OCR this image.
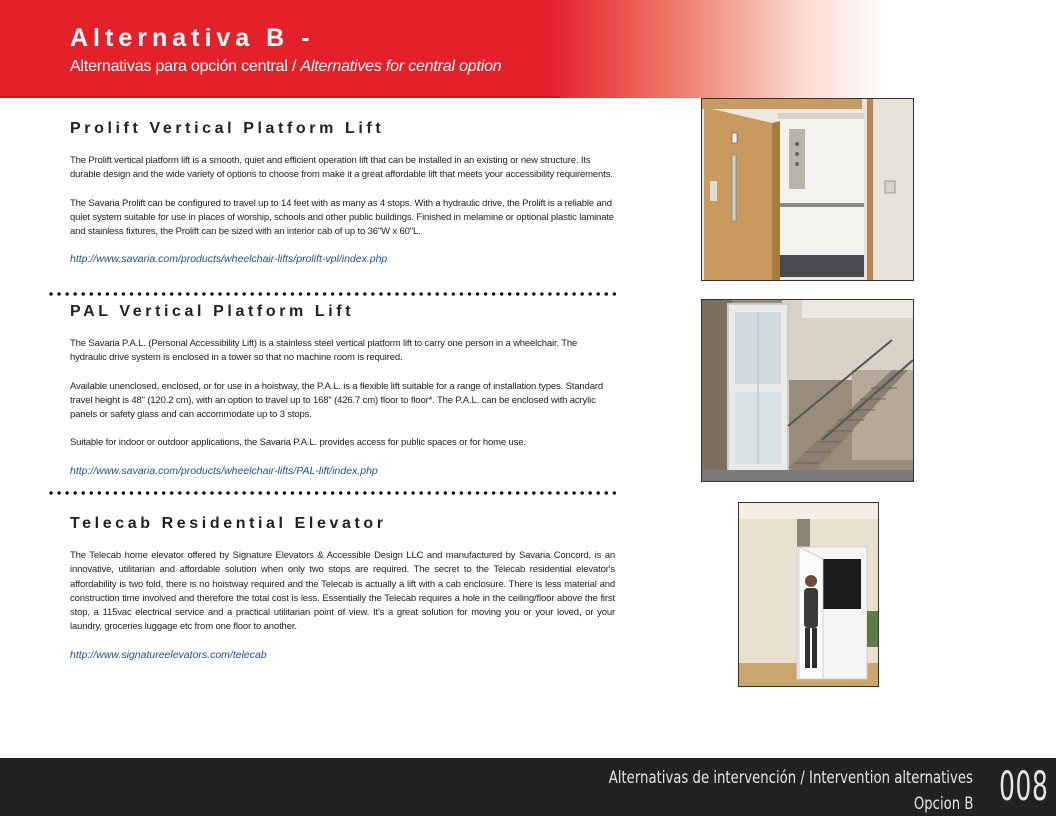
Alternativa B -
Alternativas para opción central / Alternatives for central option
Prolift Vertical Platform Lift

The Prolift vertical platform lift is a smooth, quiet and efficient operation lift that can be installed in an existing or new structure. Its durable design and the wide variety of options to choose from make it a great affordable lift that meets your accessibility requirements.

The Savaria Prolift can be configured to travel up to 14 feet with as many as 4 stops. With a hydraulic drive, the Prolift is a reliable and quiet system suitable for use in places of worship, schools and other public buildings. Finished in melamine or optional plastic laminate and stainless fixtures, the Prolift can be sized with an interior cab of up to 36"W x 60"L.

http://www.savaria.com/products/wheelchair-lifts/prolift-vpl/index.php
PAL Vertical Platform Lift

The Savaria P.A.L. (Personal Accessibility Lift) is a stainless steel vertical platform lift to carry one person in a wheelchair. The hydraulic drive system is enclosed in a tower so that no machine room is required.

Available unenclosed, enclosed, or for use in a hoistway, the P.A.L. is a flexible lift suitable for a range of installation types. Standard travel height is 48" (120.2 cm), with an option to travel up to 168" (426.7 cm) floor to floor*. The P.A.L. can be enclosed with acrylic panels or safety glass and can accommodate up to 3 stops.

Suitable for indoor or outdoor applications, the Savaria P.A.L. provides access for public spaces or for home use.

http://www.savaria.com/products/wheelchair-lifts/PAL-lift/index.php
Telecab Residential Elevator

The Telecab home elevator offered by Signature Elevators & Accessible Design LLC and manufactured by Savaria Concord, is an innovative, utilitarian and affordable solution when only two stops are required. The secret to the Telecab residential elevator's affordability is two fold, there is no hoistway required and the Telecab is actually a lift with a cab enclosure. There is less material and construction time involved and therefore the total cost is less. Essentially the Telecab requires a hole in the ceiling/floor above the first stop, a 115vac electrical service and a practical utilitarian point of view. It's a great solution for moving you or your loved, or your laundry, groceries luggage etc from one floor to another.

http://www.signatureelevators.com/telecab
Alternativas de intervención / Intervention alternatives
Opcion B 008
